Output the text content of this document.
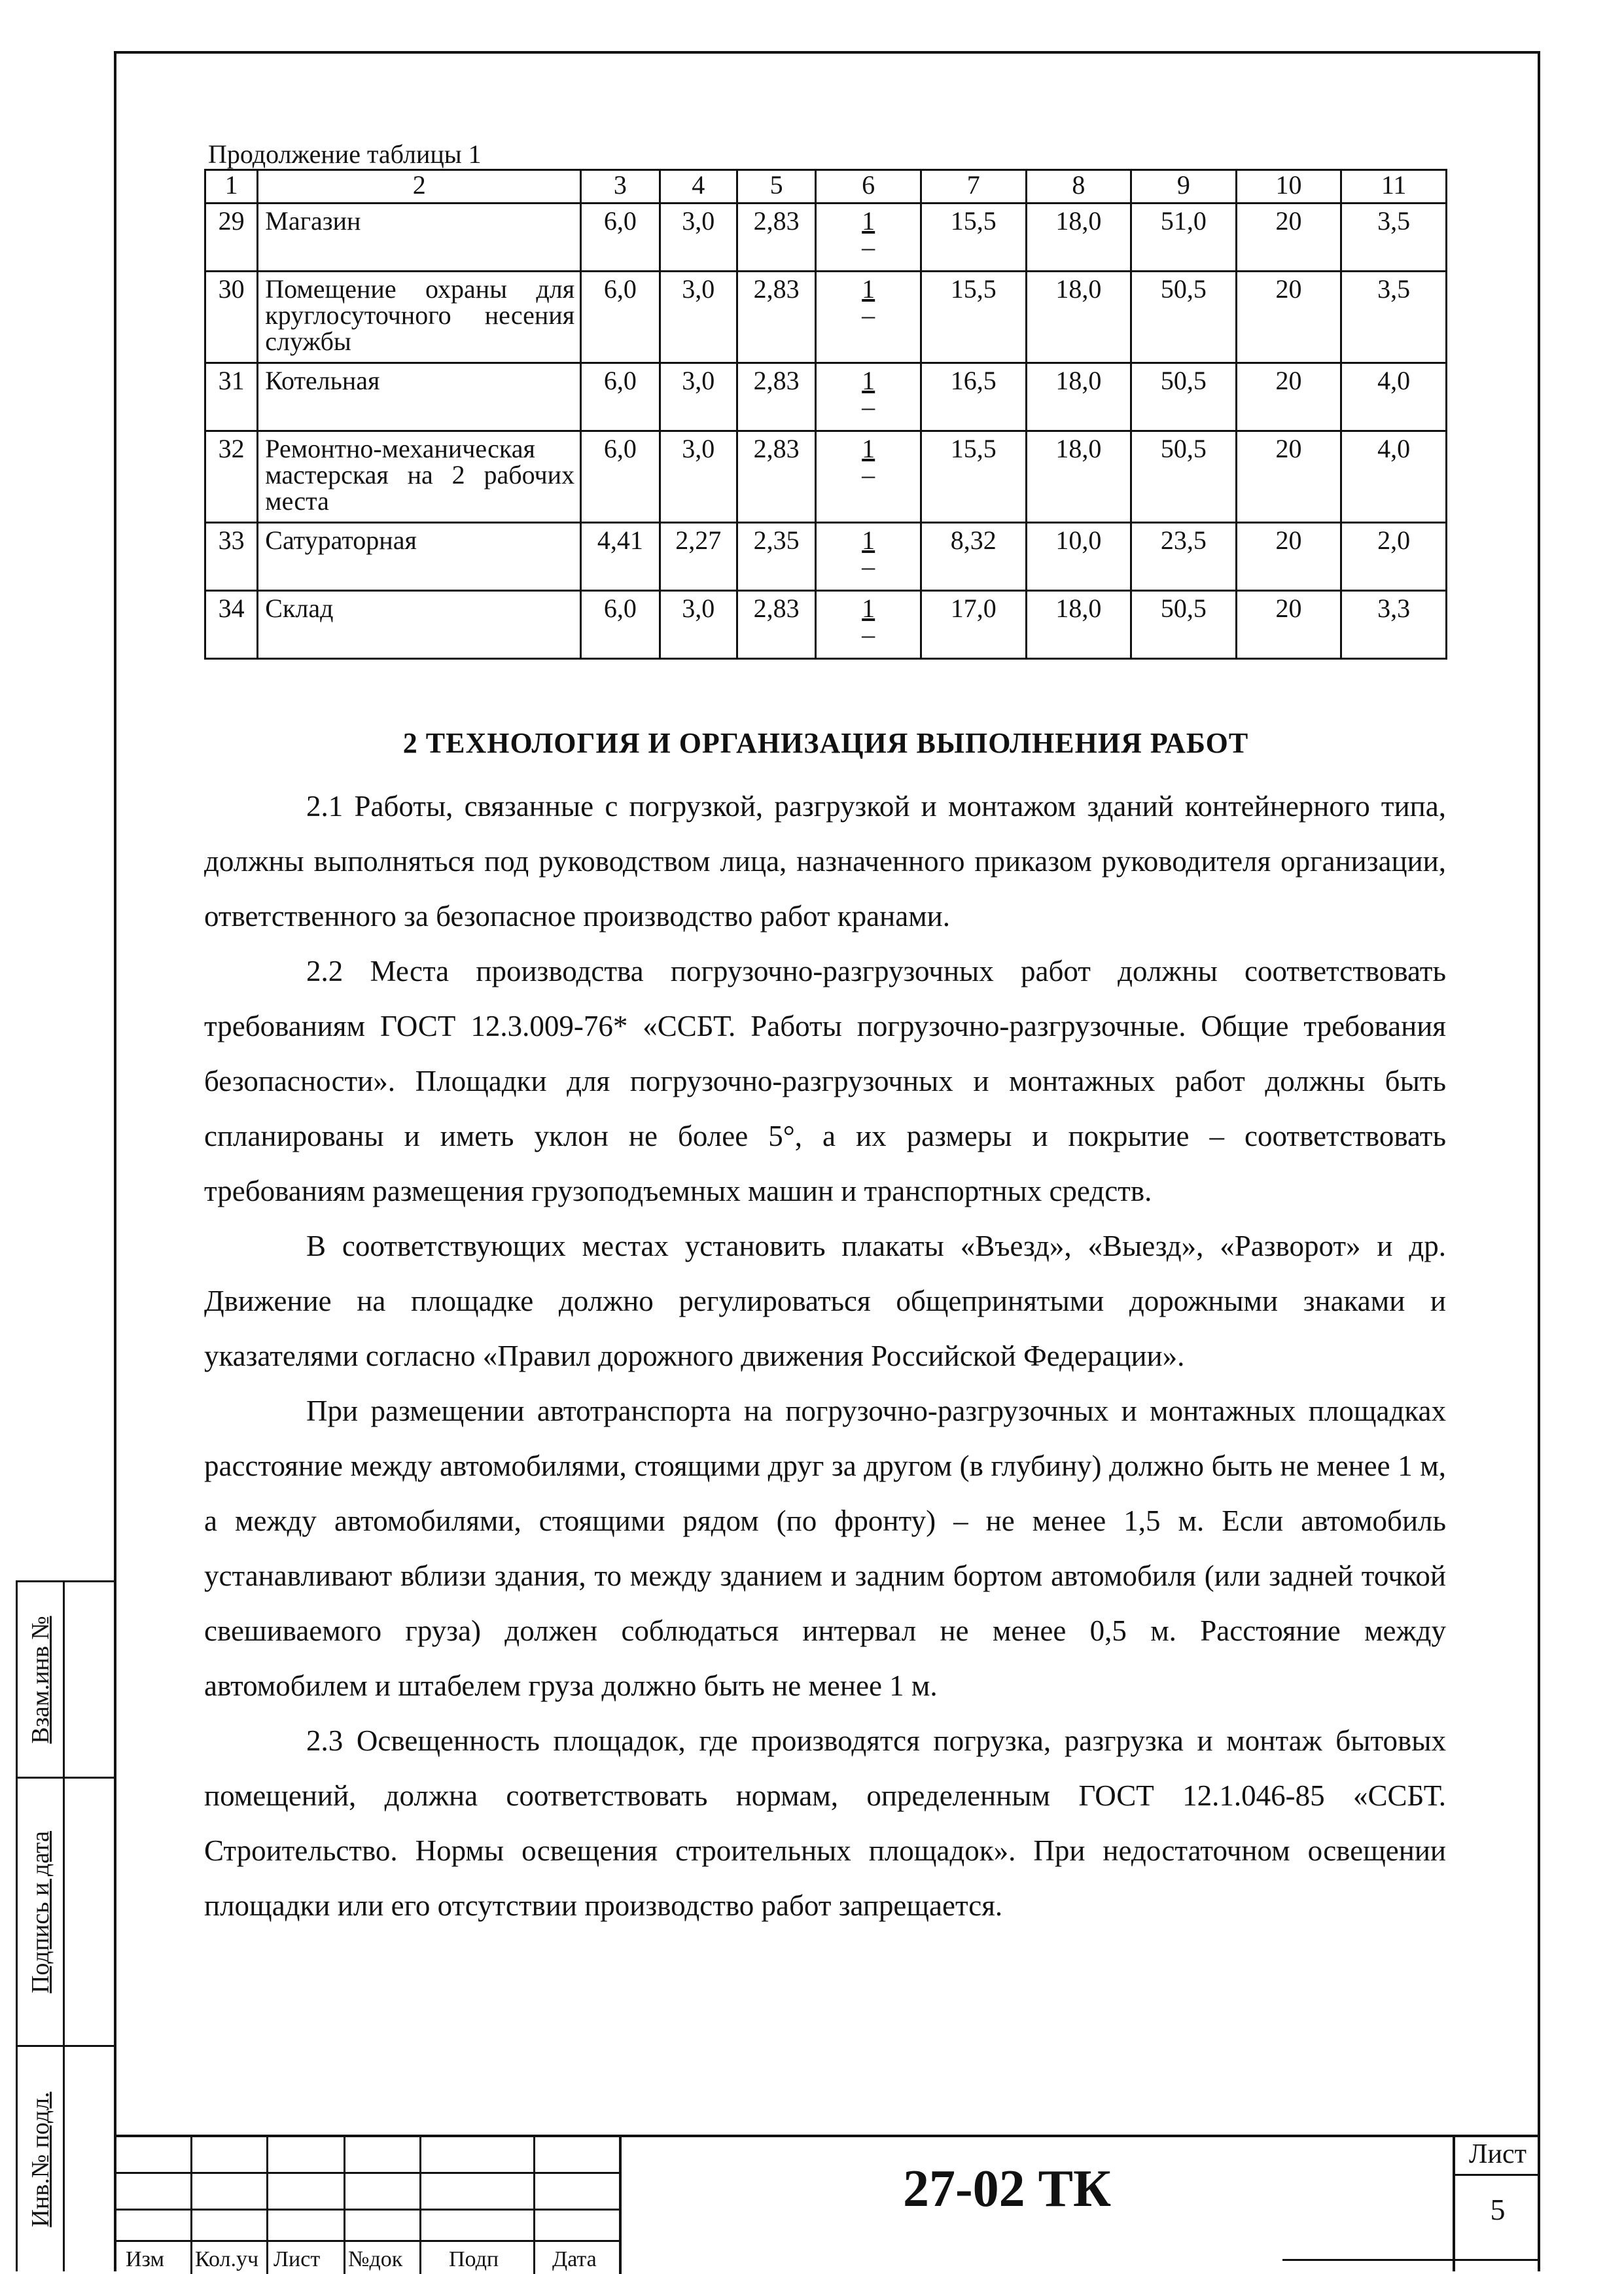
Взам.инв №
Подпись и дата
Инв.№ подл.
Продолжение таблицы 1
1	2	3	4	5	6	7	8	9	10	11
29	Магазин	6,0	3,0	2,83	$\frac{1}{-}$	15,5	18,0	51,0	20	3,5
30	Помещение охраны для круглосуточного несения службы	6,0	3,0	2,83	$\frac{1}{-}$	15,5	18,0	50,5	20	3,5
31	Котельная	6,0	3,0	2,83	$\frac{1}{-}$	16,5	18,0	50,5	20	4,0
32	Ремонтно-механическая мастерская на 2 рабочих места	6,0	3,0	2,83	$\frac{1}{-}$	15,5	18,0	50,5	20	4,0
33	Сатураторная	4,41	2,27	2,35	$\frac{1}{-}$	8,32	10,0	23,5	20	2,0
34	Склад	6,0	3,0	2,83	$\frac{1}{-}$	17,0	18,0	50,5	20	3,3
2 ТЕХНОЛОГИЯ И ОРГАНИЗАЦИЯ ВЫПОЛНЕНИЯ РАБОТ

2.1 Работы, связанные с погрузкой, разгрузкой и монтажом зданий контейнерного типа, должны выполняться под руководством лица, назначенного приказом руководителя организации, ответственного за безопасное производство работ кранами.

2.2 Места производства погрузочно-разгрузочных работ должны соответствовать требованиям ГОСТ 12.3.009-76* «ССБТ. Работы погрузочно-разгрузочные. Общие требования безопасности». Площадки для погрузочно-разгрузочных и монтажных работ должны быть спланированы и иметь уклон не более 5°, а их размеры и покрытие – соответствовать требованиям размещения грузоподъемных машин и транспортных средств.

В соответствующих местах установить плакаты «Въезд», «Выезд», «Разворот» и др. Движение на площадке должно регулироваться общепринятыми дорожными знаками и указателями согласно «Правил дорожного движения Российской Федерации».

При размещении автотранспорта на погрузочно-разгрузочных и монтажных площадках расстояние между автомобилями, стоящими друг за другом (в глубину) должно быть не менее 1 м, а между автомобилями, стоящими рядом (по фронту) – не менее 1,5 м. Если автомобиль устанавливают вблизи здания, то между зданием и задним бортом автомобиля (или задней точкой свешиваемого груза) должен соблюдаться интервал не менее 0,5 м. Расстояние между автомобилем и штабелем груза должно быть не менее 1 м.

2.3 Освещенность площадок, где производятся погрузка, разгрузка и монтаж бытовых помещений, должна соответствовать нормам, определенным ГОСТ 12.1.046-85 «ССБТ. Строительство. Нормы освещения строительных площадок». При недостаточном освещении площадки или его отсутствии производство работ запрещается.

Изм Кол.уч Лист №док Подп Дата
27-02 ТК
Лист
5
